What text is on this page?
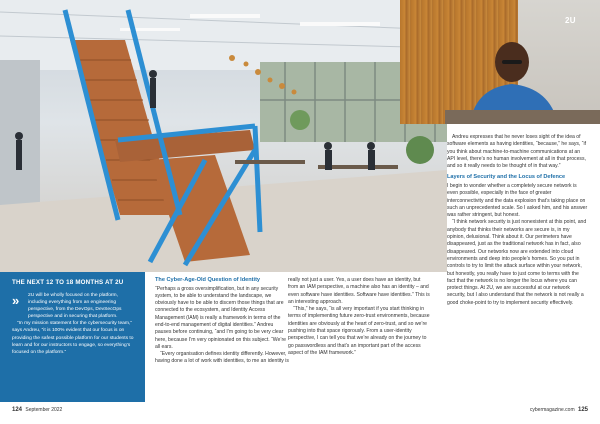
2U
THE NEXT 12 TO 18 MONTHS AT 2U
»	2U will be wholly focused on the platform, including everything from an engineering perspective, from the DevOps, DevSecOps perspective and in securing that platform.

“In my mission statement for the cybersecurity team,” says Andreu, “it is 100% evident that our focus is on providing the safest possible platform for our students to learn and for our instructors to engage, so everything’s focused on the platform.”

The Cyber-Age-Old Question of Identity

“Perhaps a gross oversimplification, but in any security system, to be able to understand the landscape, we obviously have to be able to discern those things that are connected to the ecosystem, and Identity Access Management (IAM) is really a framework in terms of the end-to-end management of digital identities.” Andreu pauses before continuing, “and I’m going to be very clear here, because I’m very opinionated on this subject. “We’re all ears.

“Every organisation defines identity differently. However, having done a lot of work with identities, to me an identity is

really not just a user. Yes, a user does have an identity, but from an IAM perspective, a machine also has an identity – and even software have identities. Software have identities.” This is an interesting approach.

“This,” he says, “is all very important if you start thinking in terms of implementing future zero-trust environments, because identities are obviously at the heart of zero-trust, and so we’re pushing into that space rigorously. From a user-identity perspective, I can tell you that we’re already on the journey to go passwordless and that’s an important part of the access aspect of the IAM framework.”

Andreu expresses that he never loses sight of the idea of software elements as having identities, “because,” he says, “if you think about machine-to-machine communications at an API level, there’s no human involvement at all in that process, and so it really needs to be thought of in that way.”

Layers of Security and the Locus of Defence

I begin to wonder whether a completely secure network is even possible, especially in the face of greater interconnectivity and the data explosion that’s taking place on such an unprecedented scale. So I asked him, and his answer was rather stringent, but honest.

“I think network security is just nonexistent at this point, and anybody that thinks their networks are secure is, in my opinion, delusional. Think about it. Our perimeters have disappeared, just as the traditional network has in fact, also disappeared. Our networks now are extended into cloud environments and deep into people’s homes. So you put in controls to try to limit the attack surface within your network, but honestly, you really have to just come to terms with the fact that the network is no longer the locus where you can protect things. At 2U, we are successful at our network security, but I also understand that the network is not really a good choke-point to try to implement security effectively.

124 September 2022	cybermagazine.com 125
